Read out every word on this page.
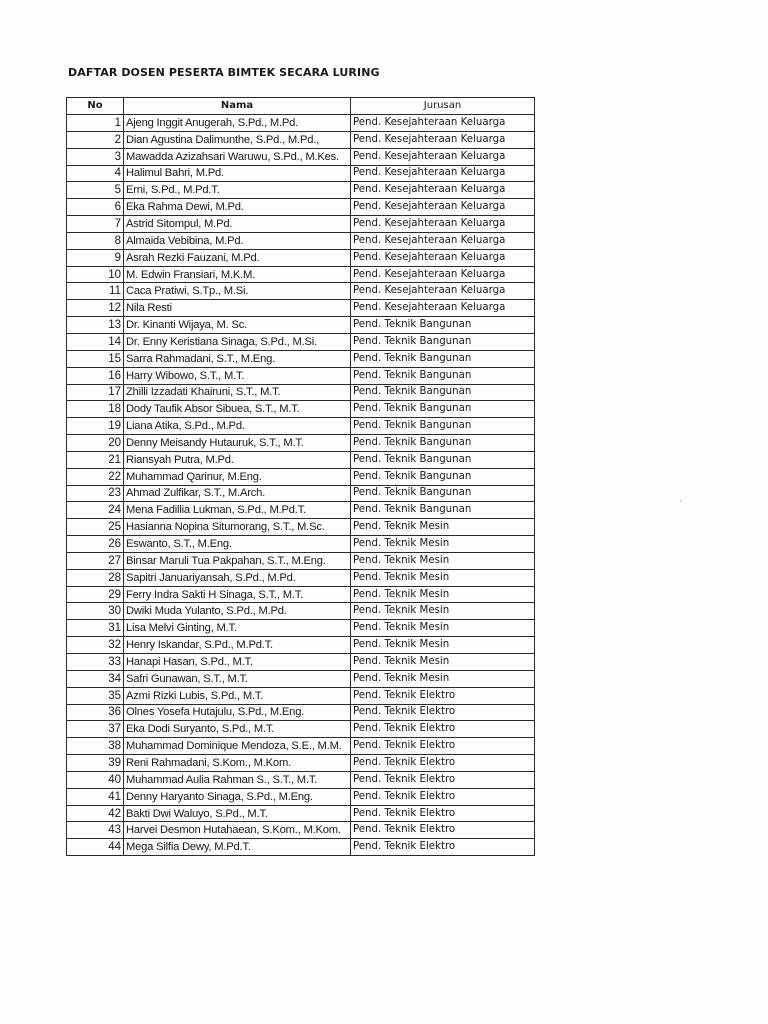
DAFTAR DOSEN PESERTA BIMTEK SECARA LURING
No	Nama	Jurusan
1	Ajeng Inggit Anugerah, S.Pd., M.Pd.	Pend. Kesejahteraan Keluarga
2	Dian Agustina Dalimunthe, S.Pd., M.Pd.,	Pend. Kesejahteraan Keluarga
3	Mawadda Azizahsari Waruwu, S.Pd., M.Kes.	Pend. Kesejahteraan Keluarga
4	Halimul Bahri, M.Pd.	Pend. Kesejahteraan Keluarga
5	Erni, S.Pd., M.Pd.T.	Pend. Kesejahteraan Keluarga
6	Eka Rahma Dewi, M.Pd.	Pend. Kesejahteraan Keluarga
7	Astrid Sitompul, M.Pd.	Pend. Kesejahteraan Keluarga
8	Almaida Vebibina, M.Pd.	Pend. Kesejahteraan Keluarga
9	Asrah Rezki Fauzani, M.Pd.	Pend. Kesejahteraan Keluarga
10	M. Edwin Fransiari, M.K.M.	Pend. Kesejahteraan Keluarga
11	Caca Pratiwi, S.Tp., M.Si.	Pend. Kesejahteraan Keluarga
12	Nila Resti	Pend. Kesejahteraan Keluarga
13	Dr. Kinanti Wijaya, M. Sc.	Pend. Teknik Bangunan
14	Dr. Enny Keristiana Sinaga, S.Pd., M.Si.	Pend. Teknik Bangunan
15	Sarra Rahmadani, S.T., M.Eng.	Pend. Teknik Bangunan
16	Harry Wibowo, S.T., M.T.	Pend. Teknik Bangunan
17	Zhilli Izzadati Khairuni, S.T., M.T.	Pend. Teknik Bangunan
18	Dody Taufik Absor Sibuea, S.T., M.T.	Pend. Teknik Bangunan
19	Liana Atika, S.Pd., M.Pd.	Pend. Teknik Bangunan
20	Denny Meisandy Hutauruk, S.T., M.T.	Pend. Teknik Bangunan
21	Riansyah Putra, M.Pd.	Pend. Teknik Bangunan
22	Muhammad Qarinur, M.Eng.	Pend. Teknik Bangunan
23	Ahmad Zulfikar, S.T., M.Arch.	Pend. Teknik Bangunan
24	Mena Fadillia Lukman, S.Pd., M.Pd.T.	Pend. Teknik Bangunan
25	Hasianna Nopina Situmorang, S.T., M.Sc.	Pend. Teknik Mesin
26	Eswanto, S.T., M.Eng.	Pend. Teknik Mesin
27	Binsar Maruli Tua Pakpahan, S.T., M.Eng.	Pend. Teknik Mesin
28	Sapitri Januariyansah, S.Pd., M.Pd.	Pend. Teknik Mesin
29	Ferry Indra Sakti H Sinaga, S.T., M.T.	Pend. Teknik Mesin
30	Dwiki Muda Yulanto, S.Pd., M.Pd.	Pend. Teknik Mesin
31	Lisa Melvi Ginting, M.T.	Pend. Teknik Mesin
32	Henry Iskandar, S.Pd., M.Pd.T.	Pend. Teknik Mesin
33	Hanapi Hasan, S.Pd., M.T.	Pend. Teknik Mesin
34	Safri Gunawan, S.T., M.T.	Pend. Teknik Mesin
35	Azmi Rizki Lubis, S.Pd., M.T.	Pend. Teknik Elektro
36	Olnes Yosefa Hutajulu, S.Pd., M.Eng.	Pend. Teknik Elektro
37	Eka Dodi Suryanto, S.Pd., M.T.	Pend. Teknik Elektro
38	Muhammad Dominique Mendoza, S.E., M.M.	Pend. Teknik Elektro
39	Reni Rahmadani, S.Kom., M.Kom.	Pend. Teknik Elektro
40	Muhammad Aulia Rahman S., S.T., M.T.	Pend. Teknik Elektro
41	Denny Haryanto Sinaga, S.Pd., M.Eng.	Pend. Teknik Elektro
42	Bakti Dwi Waluyo, S.Pd., M.T.	Pend. Teknik Elektro
43	Harvei Desmon Hutahaean, S.Kom., M.Kom.	Pend. Teknik Elektro
44	Mega Silfia Dewy, M.Pd.T.	Pend. Teknik Elektro
